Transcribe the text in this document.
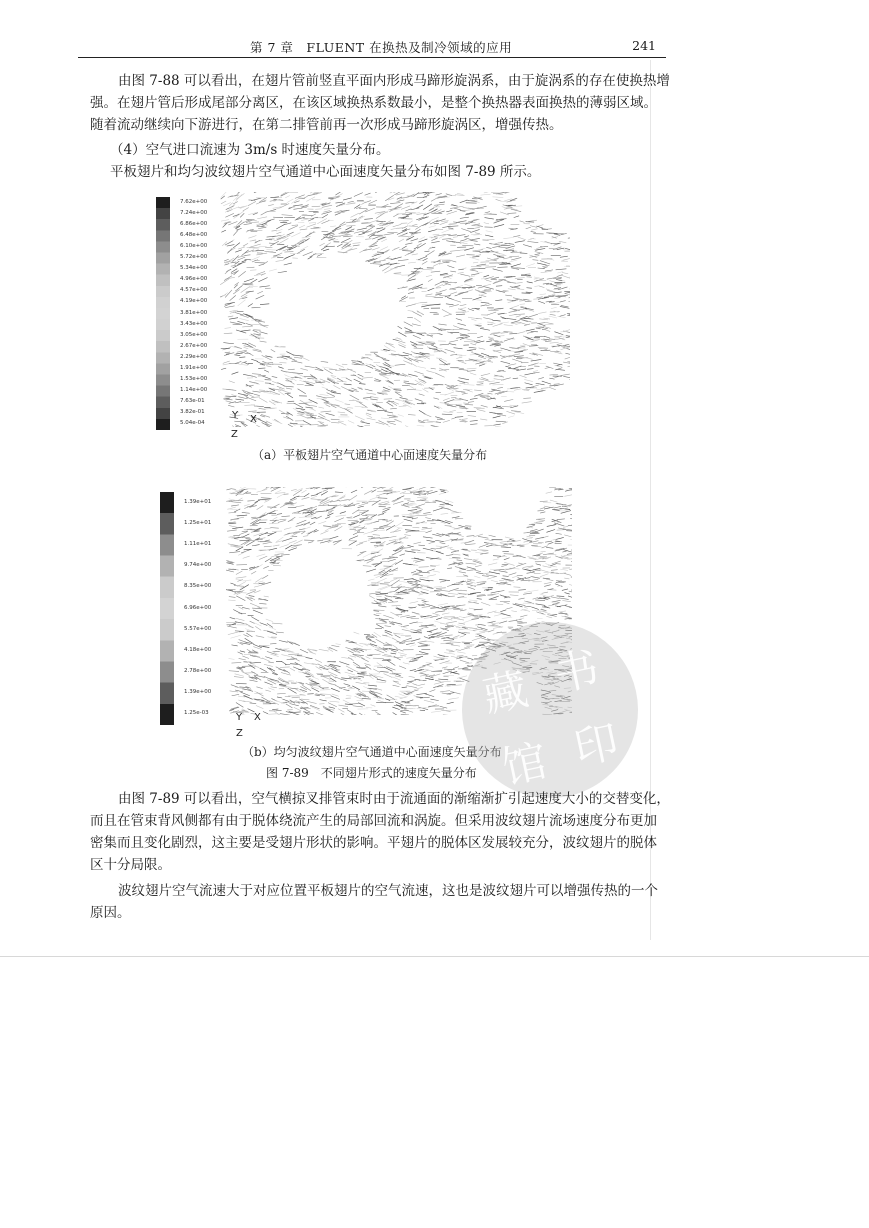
第 7 章　FLUENT 在换热及制冷领域的应用	241

由图 7-88 可以看出，在翅片管前竖直平面内形成马蹄形旋涡系，由于旋涡系的存在使换热增强。在翅片管后形成尾部分离区，在该区域换热系数最小，是整个换热器表面换热的薄弱区域。随着流动继续向下游进行，在第二排管前再一次形成马蹄形旋涡区，增强传热。

（4）空气进口流速为 3m/s 时速度矢量分布。
平板翅片和均匀波纹翅片空气通道中心面速度矢量分布如图 7-89 所示。
7.62e+00
7.24e+00
6.86e+00
6.48e+00
6.10e+00
5.72e+00
5.34e+00
4.96e+00
4.57e+00
4.19e+00
3.81e+00
3.43e+00
3.05e+00
2.67e+00
2.29e+00
1.91e+00
1.53e+00
1.14e+00
7.63e-01
3.82e-01
5.04e-04
Y X
Z
（a）平板翅片空气通道中心面速度矢量分布
1.39e+01
1.25e+01
1.11e+01
9.74e+00
8.35e+00
6.96e+00
5.57e+00
4.18e+00
2.78e+00
1.39e+00
1.25e-03	Y X
Z
（b）均匀波纹翅片空气通道中心面速度矢量分布
图 7-89　不同翅片形式的速度矢量分布
藏 书
馆 印

由图 7-89 可以看出，空气横掠叉排管束时由于流通面的渐缩渐扩引起速度大小的交替变化，而且在管束背风侧都有由于脱体绕流产生的局部回流和涡旋。但采用波纹翅片流场速度分布更加密集而且变化剧烈，这主要是受翅片形状的影响。平翅片的脱体区发展较充分，波纹翅片的脱体区十分局限。

波纹翅片空气流速大于对应位置平板翅片的空气流速，这也是波纹翅片可以增强传热的一个原因。
